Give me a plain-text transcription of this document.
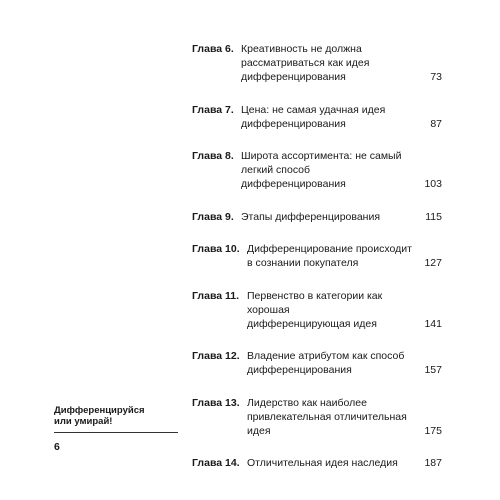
Глава 6. Креативность не должна
рассматриваться как идея
дифференцирования	73
Глава 7. Цена: не самая удачная идея
дифференцирования	87
Глава 8. Широта ассортимента: не самый
легкий способ дифференцирования	103
Глава 9. Этапы дифференцирования	115
Глава 10. Дифференцирование происходит
в сознании покупателя	127
Глава 11. Первенство в категории как хорошая
дифференцирующая идея	141
Глава 12. Владение атрибутом как способ
дифференцирования	157
Глава 13. Лидерство как наиболее
привлекательная отличительная
идея	175
Глава 14. Отличительная идея наследия	187
Дифференцируйся
или умирай!
6
